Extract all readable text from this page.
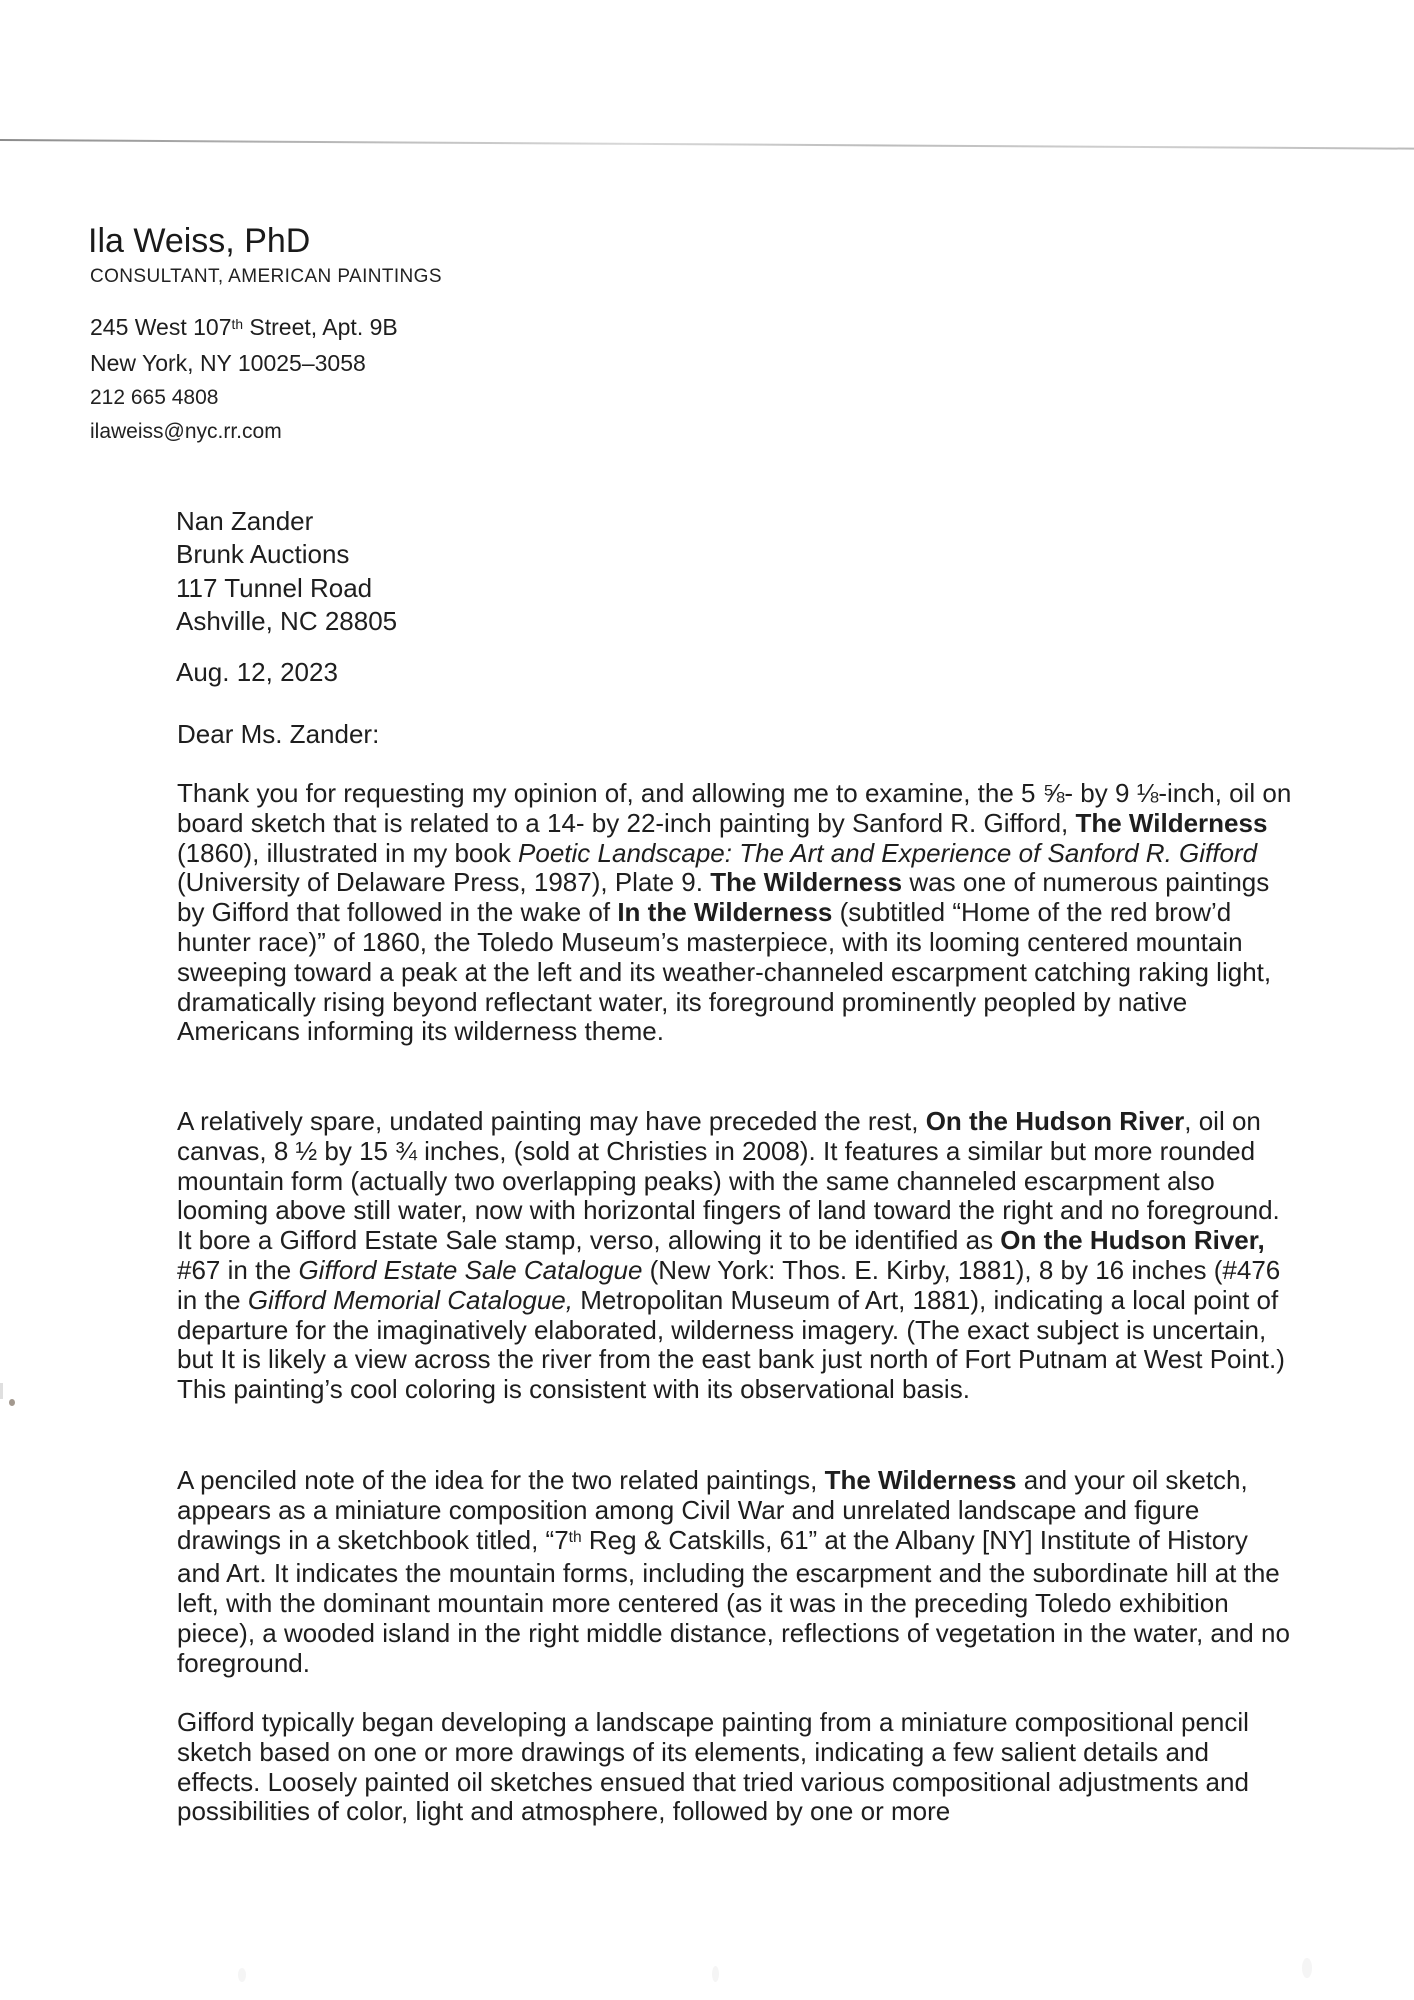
Ila Weiss, PhD
CONSULTANT, AMERICAN PAINTINGS
245 West 107th Street, Apt. 9B
New York, NY 10025–3058
212 665 4808
ilaweiss@nyc.rr.com
Nan Zander
Brunk Auctions
117 Tunnel Road
Ashville, NC 28805
Aug. 12, 2023
Dear Ms. Zander:

Thank you for requesting my opinion of, and allowing me to examine, the 5 ⅝- by 9 ⅛-inch, oil on board sketch that is related to a 14- by 22-inch painting by Sanford R. Gifford, The Wilderness (1860), illustrated in my book Poetic Landscape: The Art and Experience of Sanford R. Gifford (University of Delaware Press, 1987), Plate 9. The Wilderness was one of numerous paintings by Gifford that followed in the wake of In the Wilderness (subtitled “Home of the red brow’d hunter race)” of 1860, the Toledo Museum’s masterpiece, with its looming centered mountain sweeping toward a peak at the left and its weather-channeled escarpment catching raking light, dramatically rising beyond reflectant water, its foreground prominently peopled by native Americans informing its wilderness theme.

A relatively spare, undated painting may have preceded the rest, On the Hudson River, oil on canvas, 8 ½ by 15 ¾ inches, (sold at Christies in 2008). It features a similar but more rounded mountain form (actually two overlapping peaks) with the same channeled escarpment also looming above still water, now with horizontal fingers of land toward the right and no foreground. It bore a Gifford Estate Sale stamp, verso, allowing it to be identified as On the Hudson River, #67 in the Gifford Estate Sale Catalogue (New York: Thos. E. Kirby, 1881), 8 by 16 inches (#476 in the Gifford Memorial Catalogue, Metropolitan Museum of Art, 1881), indicating a local point of departure for the imaginatively elaborated, wilderness imagery. (The exact subject is uncertain, but It is likely a view across the river from the east bank just north of Fort Putnam at West Point.) This painting’s cool coloring is consistent with its observational basis.

A penciled note of the idea for the two related paintings, The Wilderness and your oil sketch, appears as a miniature composition among Civil War and unrelated landscape and figure drawings in a sketchbook titled, “7th Reg & Catskills, 61” at the Albany [NY] Institute of History and Art. It indicates the mountain forms, including the escarpment and the subordinate hill at the left, with the dominant mountain more centered (as it was in the preceding Toledo exhibition piece), a wooded island in the right middle distance, reflections of vegetation in the water, and no foreground.

Gifford typically began developing a landscape painting from a miniature compositional pencil sketch based on one or more drawings of its elements, indicating a few salient details and effects. Loosely painted oil sketches ensued that tried various compositional adjustments and possibilities of color, light and atmosphere, followed by one or more
